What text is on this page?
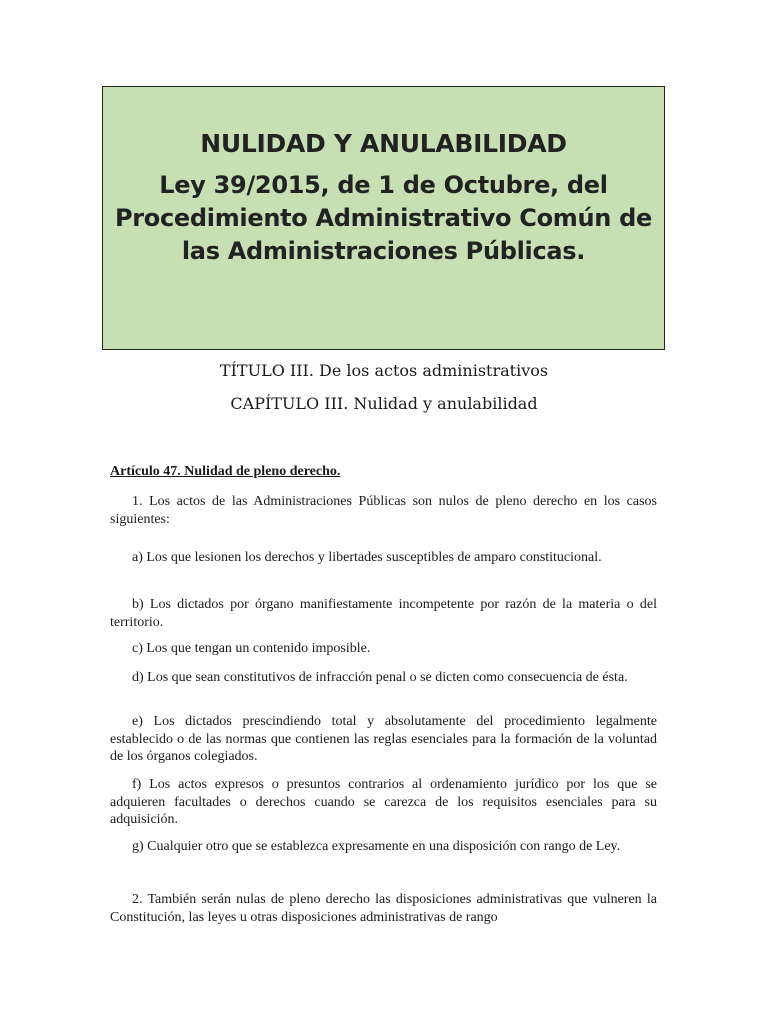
NULIDAD Y ANULABILIDAD

Ley 39/2015, de 1 de Octubre, del Procedimiento Administrativo Común de las Administraciones Públicas.

TÍTULO III. De los actos administrativos

CAPÍTULO III. Nulidad y anulabilidad

Artículo 47. Nulidad de pleno derecho.

1. Los actos de las Administraciones Públicas son nulos de pleno derecho en los casos siguientes:

a) Los que lesionen los derechos y libertades susceptibles de amparo constitucional.

b) Los dictados por órgano manifiestamente incompetente por razón de la materia o del territorio.

c) Los que tengan un contenido imposible.

d) Los que sean constitutivos de infracción penal o se dicten como consecuencia de ésta.

e) Los dictados prescindiendo total y absolutamente del procedimiento legalmente establecido o de las normas que contienen las reglas esenciales para la formación de la voluntad de los órganos colegiados.

f) Los actos expresos o presuntos contrarios al ordenamiento jurídico por los que se adquieren facultades o derechos cuando se carezca de los requisitos esenciales para su adquisición.

g) Cualquier otro que se establezca expresamente en una disposición con rango de Ley.

2. También serán nulas de pleno derecho las disposiciones administrativas que vulneren la Constitución, las leyes u otras disposiciones administrativas de rango
